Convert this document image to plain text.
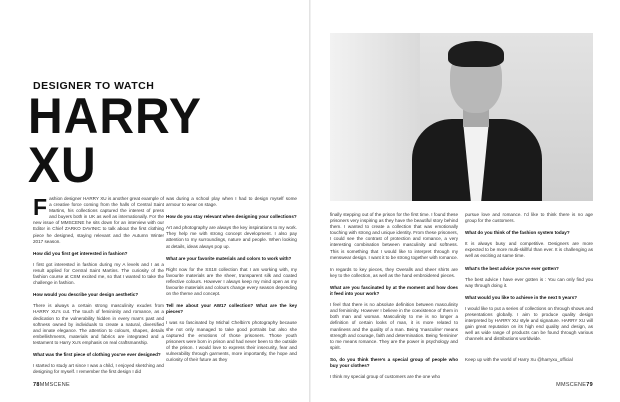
DESIGNER TO WATCH
HARRY
XU

Fashion designer HARRY XU is another great example of a creative force coming from the halls of Central Saint Martins, his collections captured the interest of press and buyers both in UK as well as internationally. For the new issue of MMSCENE he sits down for an interview with our Editor in Chief ZARKO DAVINIC to talk about the first clothing piece he designed, staying relevant and the Autumn Winter 2017 season.

How did you first get interested in fashion?

I first got interested in fashion during my A levels and I as a result applied for Central Saint Martins. The curiosity of the fashion course at CSM excited me, so that I wanted to take the challenge in fashion.

How would you describe your design aesthetic?

There is always a certain strong masculinity exudes from HARRY XU's cut. The touch of femininity and romance, as a dedication to the vulnerability hidden in every man's past and softness owned by individuals to create a natural, diversified and innate elegance. The attention to colours, shapes, details embellishments, materials and fabrics are integrated and a testament to Harry Xu's emphasis on real craftsmanship.

What was the first piece of clothing you've ever designed?

I started to study art since I was a child, I enjoyed sketching and designing for myself. I remember the first design I did

was during a school play when I had to design myself some armour to wear on stage.

How do you stay relevant when designing your collections?

Art and photography are always the key inspirations to my work. They help me with strong concept development. I also pay attention to my surroundings, nature and people. When looking at details, ideas always pop up.

What are your favorite materials and colors to work with?

Right now for the SS18 collection that I am working with, my favourite materials are the sheer, transparent silk and coated reflective colours. However I always keep my mind open as my favourite materials and colours change every season depending on the theme and concept.

Tell me about your AW17 collection? What are the key pieces?

I was so fascinated by Michal Chelbin's photography because she not only managed to take good portraits but also she captured the emotions of those prisoners. Those youth prisoners were born in prison and had never been to the outside of the prison. I would love to express their insecurity, fear and vulnerability through garments, more importantly, the hope and curiosity of their future as they

78MMSCENE

finally stepping out of the prison for the first time. I found these prisoners very inspiring as they have the beautiful story behind them. I wanted to create a collection that was emotionally touching with strong and unique identity. From these prisoners, I could see the contrast of protection and romance, a very interesting combination between masculinity and softness. This is something that I would like to interpret through my menswear design. I want it to be strong together with romance.

In regards to key pieces, they Overalls and sheer shirts are key to the collection, as well as the hand embroidered pieces.

What are you fascinated by at the moment and how does it feed into your work?

I feel that there is no absolute definition between masculinity and femininity. However I believe in the coexistence of them in both man and woman. Masculinity to me is no longer a definition of certain looks of man, it is more related to manliness and the quality of a man. Being 'masculine' means strength and courage, faith and determination. Being 'feminine' to me means romance. They are the power in psychology and spirit.

So, do you think there's a special group of people who buy your clothes?

I think my special group of customers are the one who

pursue love and romance. I'd like to think there is no age group for the customers.

What do you think of the fashion system today?

It is always busy and competitive. Designers are more expected to be more multi-skillful than ever. It is challenging as well as exciting at same time.

What's the best advice you've ever gotten?

The best advice I have ever gotten is : You can only find you way through doing it.

What would you like to achieve in the next 5 years?

I would like to put a series of collections on through shows and presentations globally. I aim to produce quality design interpreted by HARRY XU style and signature. HARRY XU will gain great reputation on its high end quality and design, as well as wide range of products can be found through various channels and distributions worldwide.

Keep up with the world of Harry Xu @harryxu_official

MMSCENE79
